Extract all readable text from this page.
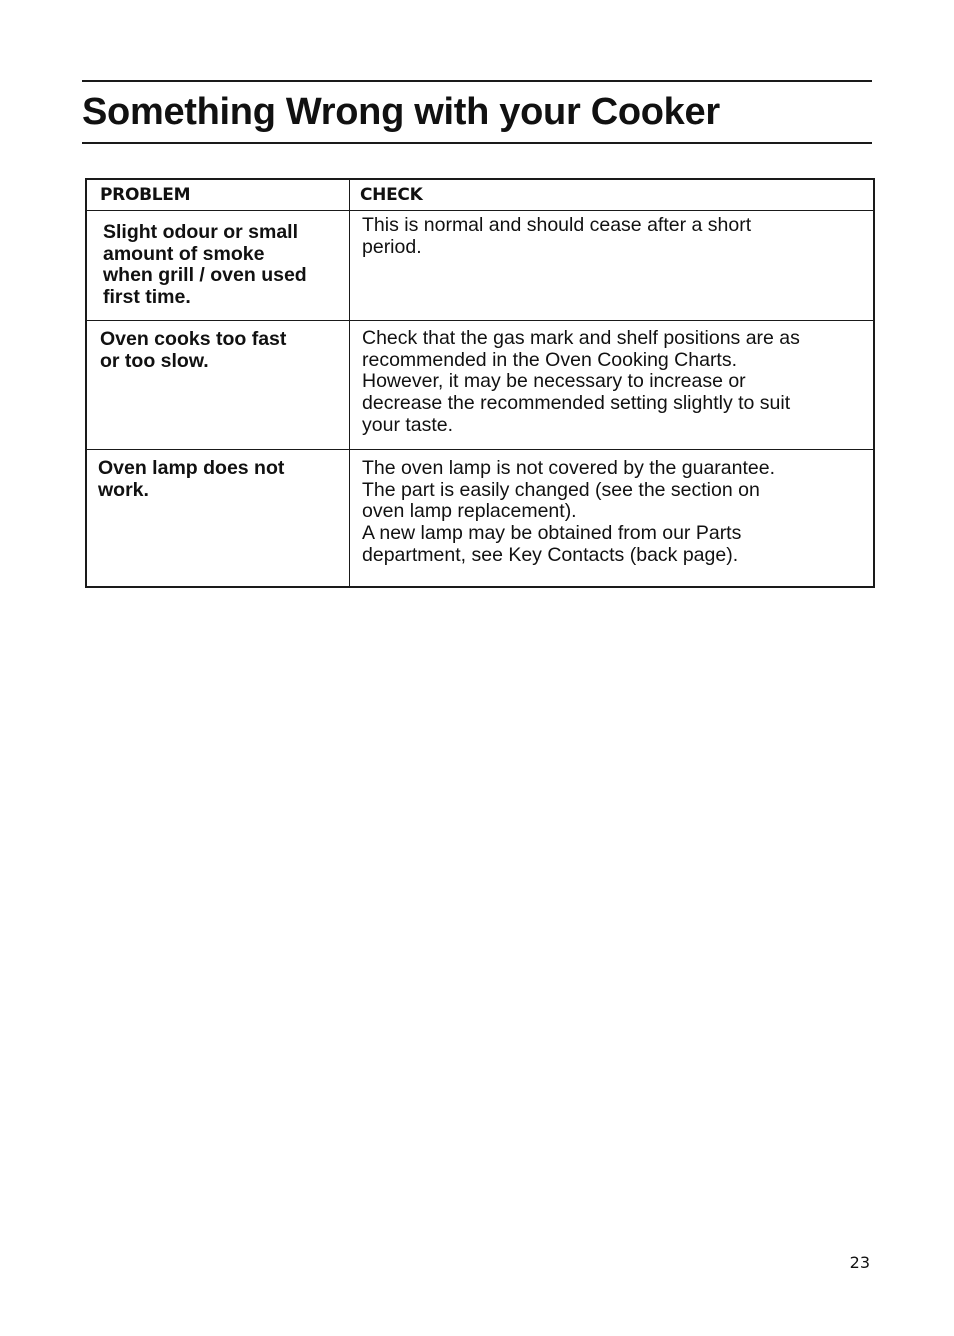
Something Wrong with your Cooker
PROBLEM	CHECK
Slight odour or small
amount of smoke
when grill / oven used
first time.
This is normal and should cease after a short
period.
Oven cooks too fast
or too slow.
Check that the gas mark and shelf positions are as
recommended in the Oven Cooking Charts.
However, it may be necessary to increase or
decrease the recommended setting slightly to suit
your taste.
Oven lamp does not
work.
The oven lamp is not covered by the guarantee.
The part is easily changed (see the section on
oven lamp replacement).
A new lamp may be obtained from our Parts
department, see Key Contacts (back page).
23
